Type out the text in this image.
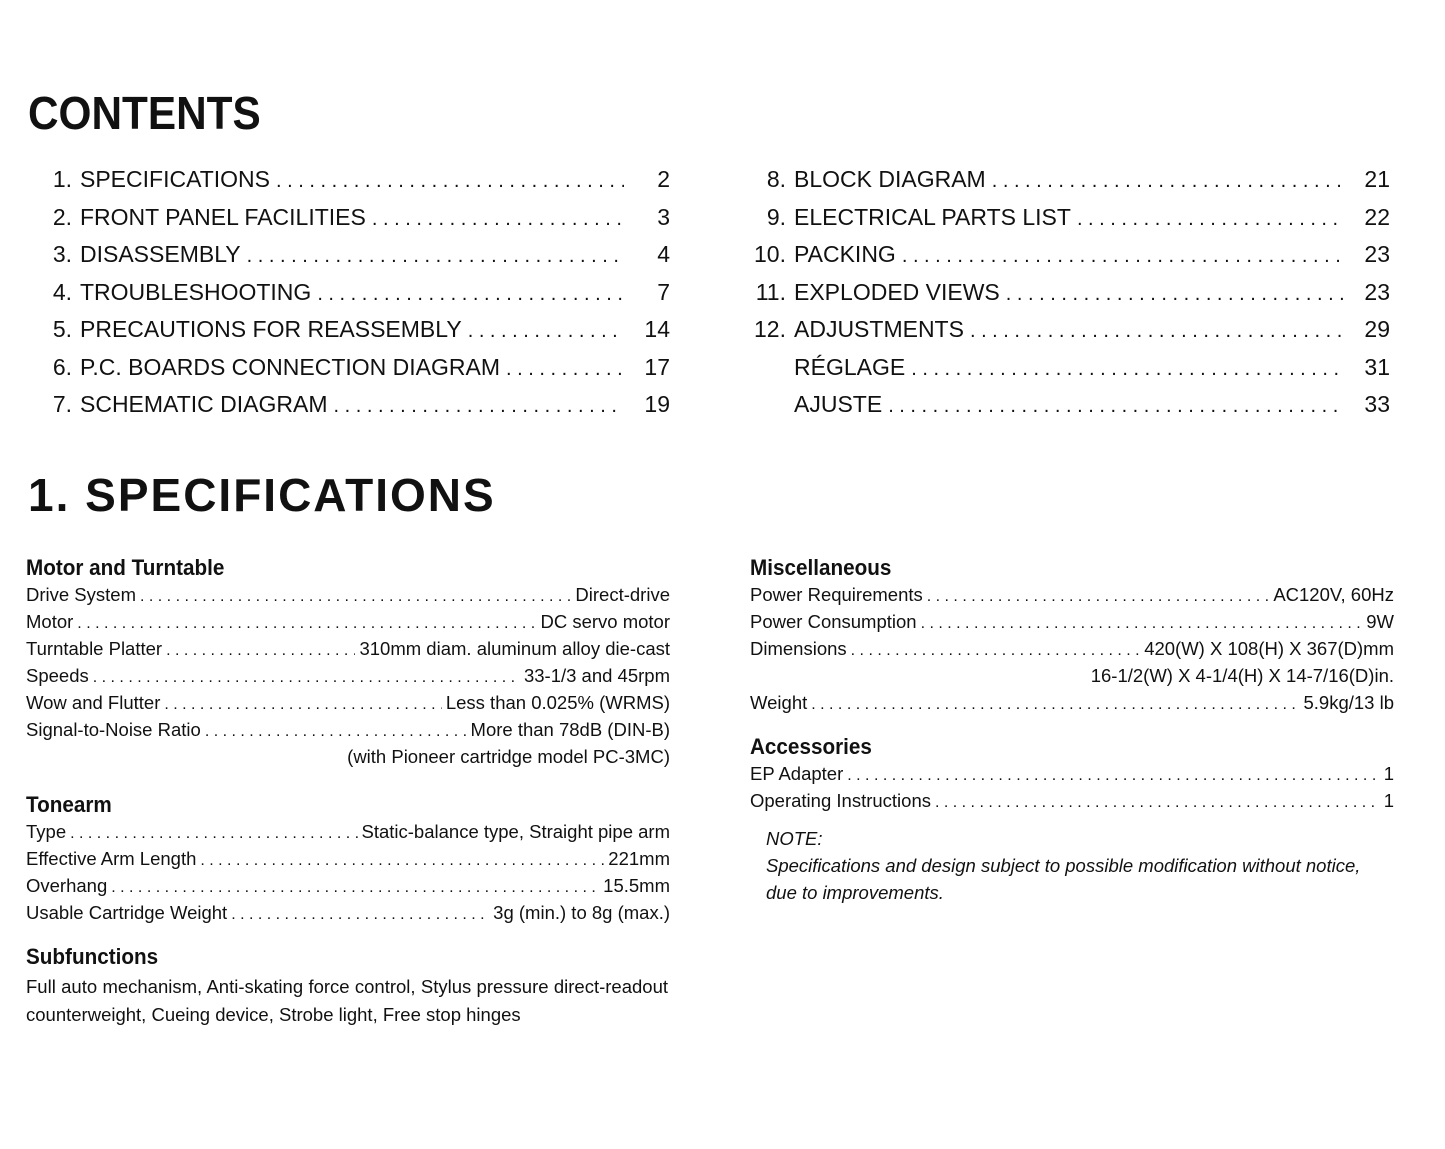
CONTENTS
1. SPECIFICATIONS . . .	2
2. FRONT PANEL FACILITIES . . .	3
3. DISASSEMBLY . . .	4
4. TROUBLESHOOTING . . .	7
5. PRECAUTIONS FOR REASSEMBLY . . .	14
6. P.C. BOARDS CONNECTION DIAGRAM . . .	17
7. SCHEMATIC DIAGRAM . . .	19
8. BLOCK DIAGRAM . . .	21
9. ELECTRICAL PARTS LIST . . .	22
10. PACKING . . .	23
11. EXPLODED VIEWS . . .	23
12. ADJUSTMENTS . . .	29
RÉGLAGE . . .	31
AJUSTE . . .	33
1. SPECIFICATIONS
Motor and Turntable
Drive System . . .	Direct-drive
Motor . . .	DC servo motor
Turntable Platter . . .	310mm diam. aluminum alloy die-cast
Speeds . . .	33-1/3 and 45rpm
Wow and Flutter . . .	Less than 0.025% (WRMS)
Signal-to-Noise Ratio . . .	More than 78dB (DIN-B)
(with Pioneer cartridge model PC-3MC)
Tonearm
Type . . .	Static-balance type, Straight pipe arm
Effective Arm Length . . .	221mm
Overhang . . .	15.5mm
Usable Cartridge Weight . . .	3g (min.) to 8g (max.)
Subfunctions
Full auto mechanism, Anti-skating force control, Stylus pressure direct-readout counterweight, Cueing device, Strobe light, Free stop hinges
Miscellaneous
Power Requirements . . .	AC120V, 60Hz
Power Consumption . . .	9W
Dimensions . . .	420(W) X 108(H) X 367(D)mm
16-1/2(W) X 4-1/4(H) X 14-7/16(D)in.
Weight . . .	5.9kg/13 lb
Accessories
EP Adapter . . .	1
Operating Instructions . . .	1
NOTE:
Specifications and design subject to possible modification without notice, due to improvements.
